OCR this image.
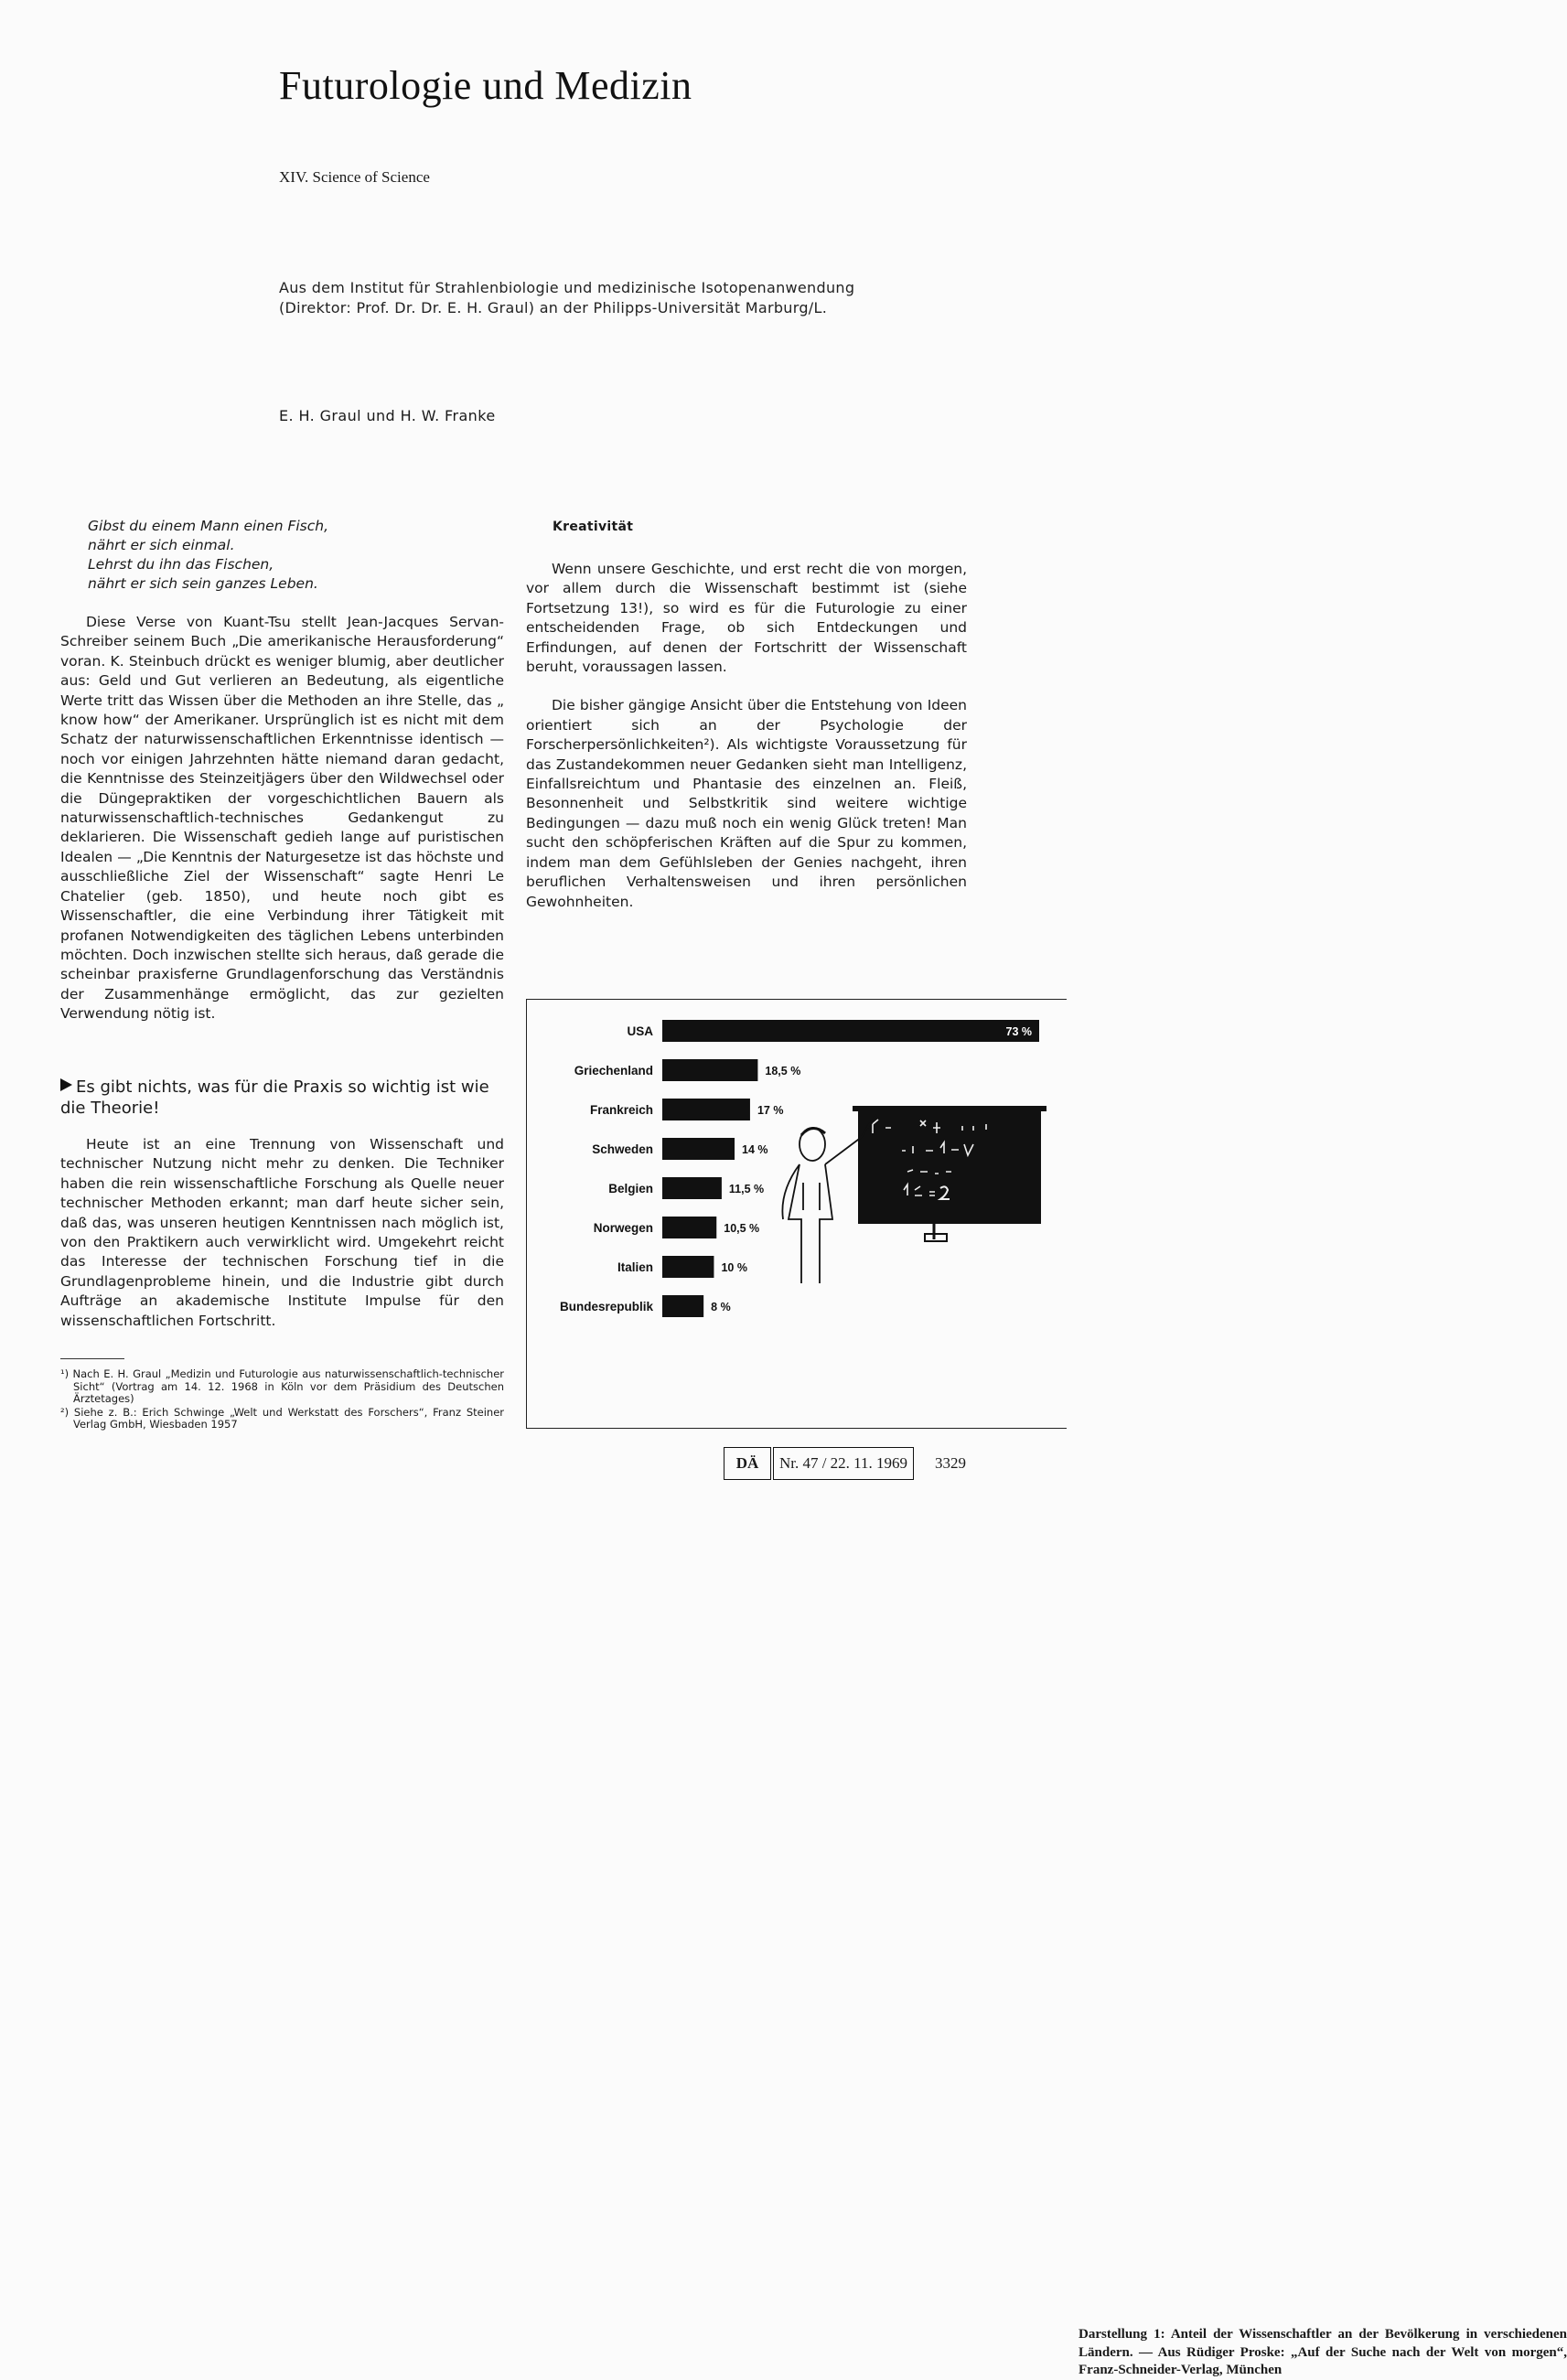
Futurologie und Medizin
XIV. Science of Science
Aus dem Institut für Strahlenbiologie und medizinische Isotopenanwendung
(Direktor: Prof. Dr. Dr. E. H. Graul) an der Philipps-Universität Marburg/L.
E. H. Graul und H. W. Franke
Gibst du einem Mann einen Fisch,
nährt er sich einmal.
Lehrst du ihn das Fischen,
nährt er sich sein ganzes Leben.

Diese Verse von Kuant-Tsu stellt Jean-Jacques Servan-Schreiber seinem Buch „Die amerikanische Herausforderung“ voran. K. Steinbuch drückt es weniger blumig, aber deutlicher aus: Geld und Gut verlieren an Bedeutung, als eigentliche Werte tritt das Wissen über die Methoden an ihre Stelle, das „ know how“ der Amerikaner. Ursprünglich ist es nicht mit dem Schatz der naturwissenschaftlichen Erkenntnisse identisch — noch vor einigen Jahrzehnten hätte niemand daran gedacht, die Kenntnisse des Steinzeitjägers über den Wildwechsel oder die Düngepraktiken der vorgeschichtlichen Bauern als naturwissenschaftlich-technisches Gedankengut zu deklarieren. Die Wissenschaft gedieh lange auf puristischen Idealen — „Die Kenntnis der Naturgesetze ist das höchste und ausschließliche Ziel der Wissenschaft“ sagte Henri Le Chatelier (geb. 1850), und heute noch gibt es Wissenschaftler, die eine Verbindung ihrer Tätigkeit mit profanen Notwendigkeiten des täglichen Lebens unterbinden möchten. Doch inzwischen stellte sich heraus, daß gerade die scheinbar praxisferne Grundlagenforschung das Verständnis der Zusammenhänge ermöglicht, das zur gezielten Verwendung nötig ist.

Es gibt nichts, was für die Praxis so wichtig ist wie die Theorie!

Heute ist an eine Trennung von Wissenschaft und technischer Nutzung nicht mehr zu denken. Die Techniker haben die rein wissenschaftliche Forschung als Quelle neuer technischer Methoden erkannt; man darf heute sicher sein, daß das, was unseren heutigen Kenntnissen nach möglich ist, von den Praktikern auch verwirklicht wird. Umgekehrt reicht das Interesse der technischen Forschung tief in die Grundlagenprobleme hinein, und die Industrie gibt durch Aufträge an akademische Institute Impulse für den wissenschaftlichen Fortschritt.

¹) Nach E. H. Graul „Medizin und Futurologie aus naturwissenschaftlich-technischer Sicht“ (Vortrag am 14. 12. 1968 in Köln vor dem Präsidium des Deutschen Ärztetages)
²) Siehe z. B.: Erich Schwinge „Welt und Werkstatt des Forschers“, Franz Steiner Verlag GmbH, Wiesbaden 1957
Kreativität

Wenn unsere Geschichte, und erst recht die von morgen, vor allem durch die Wissenschaft bestimmt ist (siehe Fortsetzung 13!), so wird es für die Futurologie zu einer entscheidenden Frage, ob sich Entdeckungen und Erfindungen, auf denen der Fortschritt der Wissenschaft beruht, voraussagen lassen.

Die bisher gängige Ansicht über die Entstehung von Ideen orientiert sich an der Psychologie der Forscherpersönlichkeiten²). Als wichtigste Voraussetzung für das Zustandekommen neuer Gedanken sieht man Intelligenz, Einfallsreichtum und Phantasie des einzelnen an. Fleiß, Besonnenheit und Selbstkritik sind weitere wichtige Bedingungen — dazu muß noch ein wenig Glück treten! Man sucht den schöpferischen Kräften auf die Spur zu kommen, indem man dem Gefühlsleben der Genies nachgeht, ihren beruflichen Verhaltensweisen und ihren persönlichen Gewohnheiten.

USA	73 %
Griechenland	18,5 %
Frankreich	17 %
Schweden	14 %
Belgien	11,5 %
Norwegen	10,5 %
Italien	10 %
Bundesrepublik	8 %
Darstellung 1: Anteil der Wissenschaftler an der Bevölkerung in verschiedenen Ländern. — Aus Rüdiger Proske: „Auf der Suche nach der Welt von morgen“, Franz-Schneider-Verlag, München
DÄ	Nr. 47 / 22. 11. 1969	3329
